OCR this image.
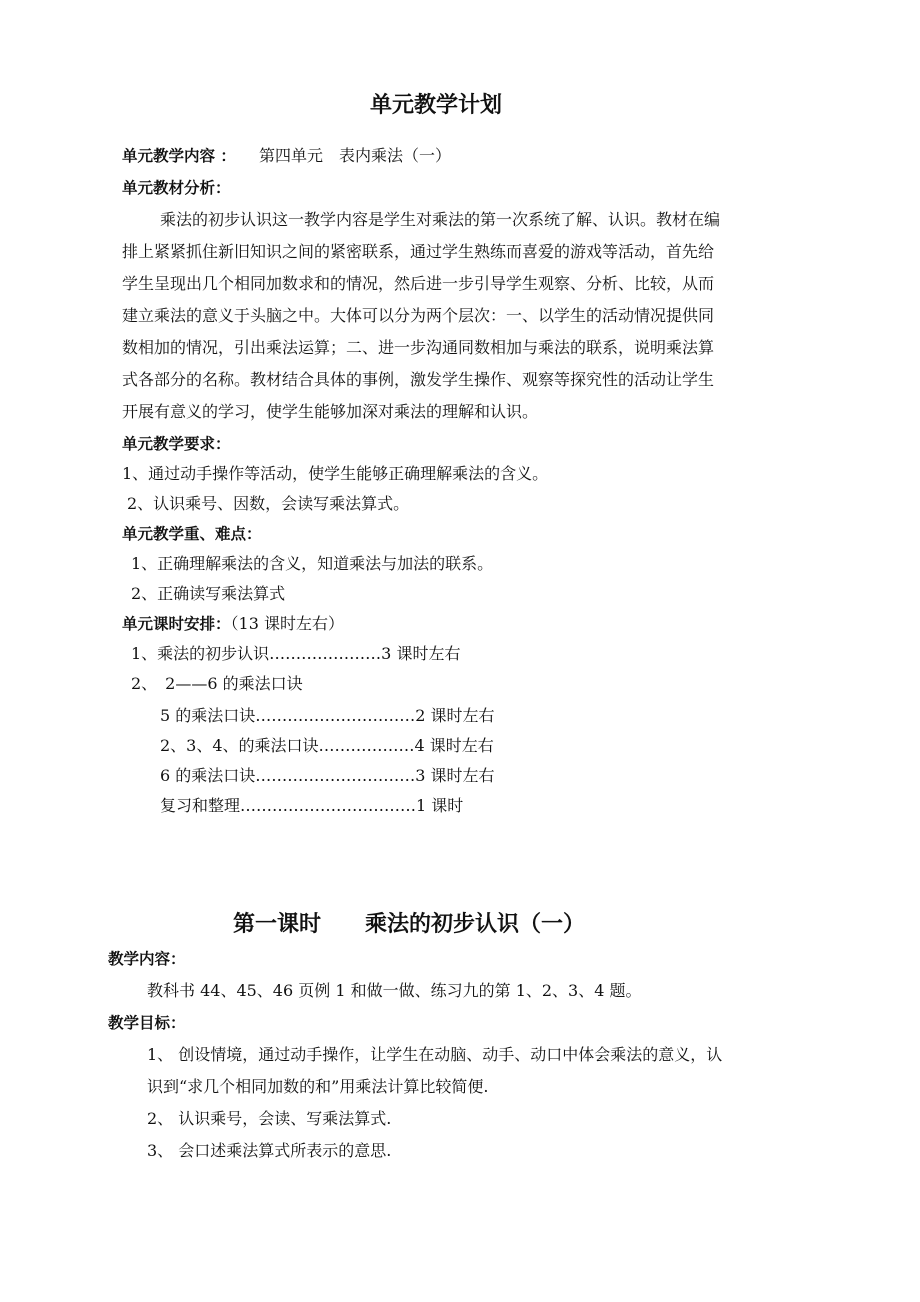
单元教学计划
单元教学内容 ： 第四单元　表内乘法（一）
单元教材分析：
乘法的初步认识这一教学内容是学生对乘法的第一次系统了解、认识。教材在编
排上紧紧抓住新旧知识之间的紧密联系，通过学生熟练而喜爱的游戏等活动，首先给
学生呈现出几个相同加数求和的情况，然后进一步引导学生观察、分析、比较，从而
建立乘法的意义于头脑之中。大体可以分为两个层次：一、以学生的活动情况提供同
数相加的情况，引出乘法运算；二、进一步沟通同数相加与乘法的联系，说明乘法算
式各部分的名称。教材结合具体的事例，激发学生操作、观察等探究性的活动让学生
开展有意义的学习，使学生能够加深对乘法的理解和认识。
单元教学要求：
1、通过动手操作等活动，使学生能够正确理解乘法的含义。
2、认识乘号、因数，会读写乘法算式。
单元教学重、难点：
1、正确理解乘法的含义，知道乘法与加法的联系。
2、正确读写乘法算式
单元课时安排：（13 课时左右）
1、乘法的初步认识…………………3 课时左右
2、　2——6 的乘法口诀
5 的乘法口诀…………………………2 课时左右
2、3、4、的乘法口诀………………4 课时左右
6 的乘法口诀…………………………3 课时左右
复习和整理……………………………1 课时
第一课时　　乘法的初步认识（一）
教学内容：
教科书 44、45、46 页例 1 和做一做、练习九的第 1、2、3、4 题。
教学目标：
1、 创设情境，通过动手操作，让学生在动脑、动手、动口中体会乘法的意义，认
识到“求几个相同加数的和”用乘法计算比较简便.
2、 认识乘号，会读、写乘法算式.
3、 会口述乘法算式所表示的意思.
